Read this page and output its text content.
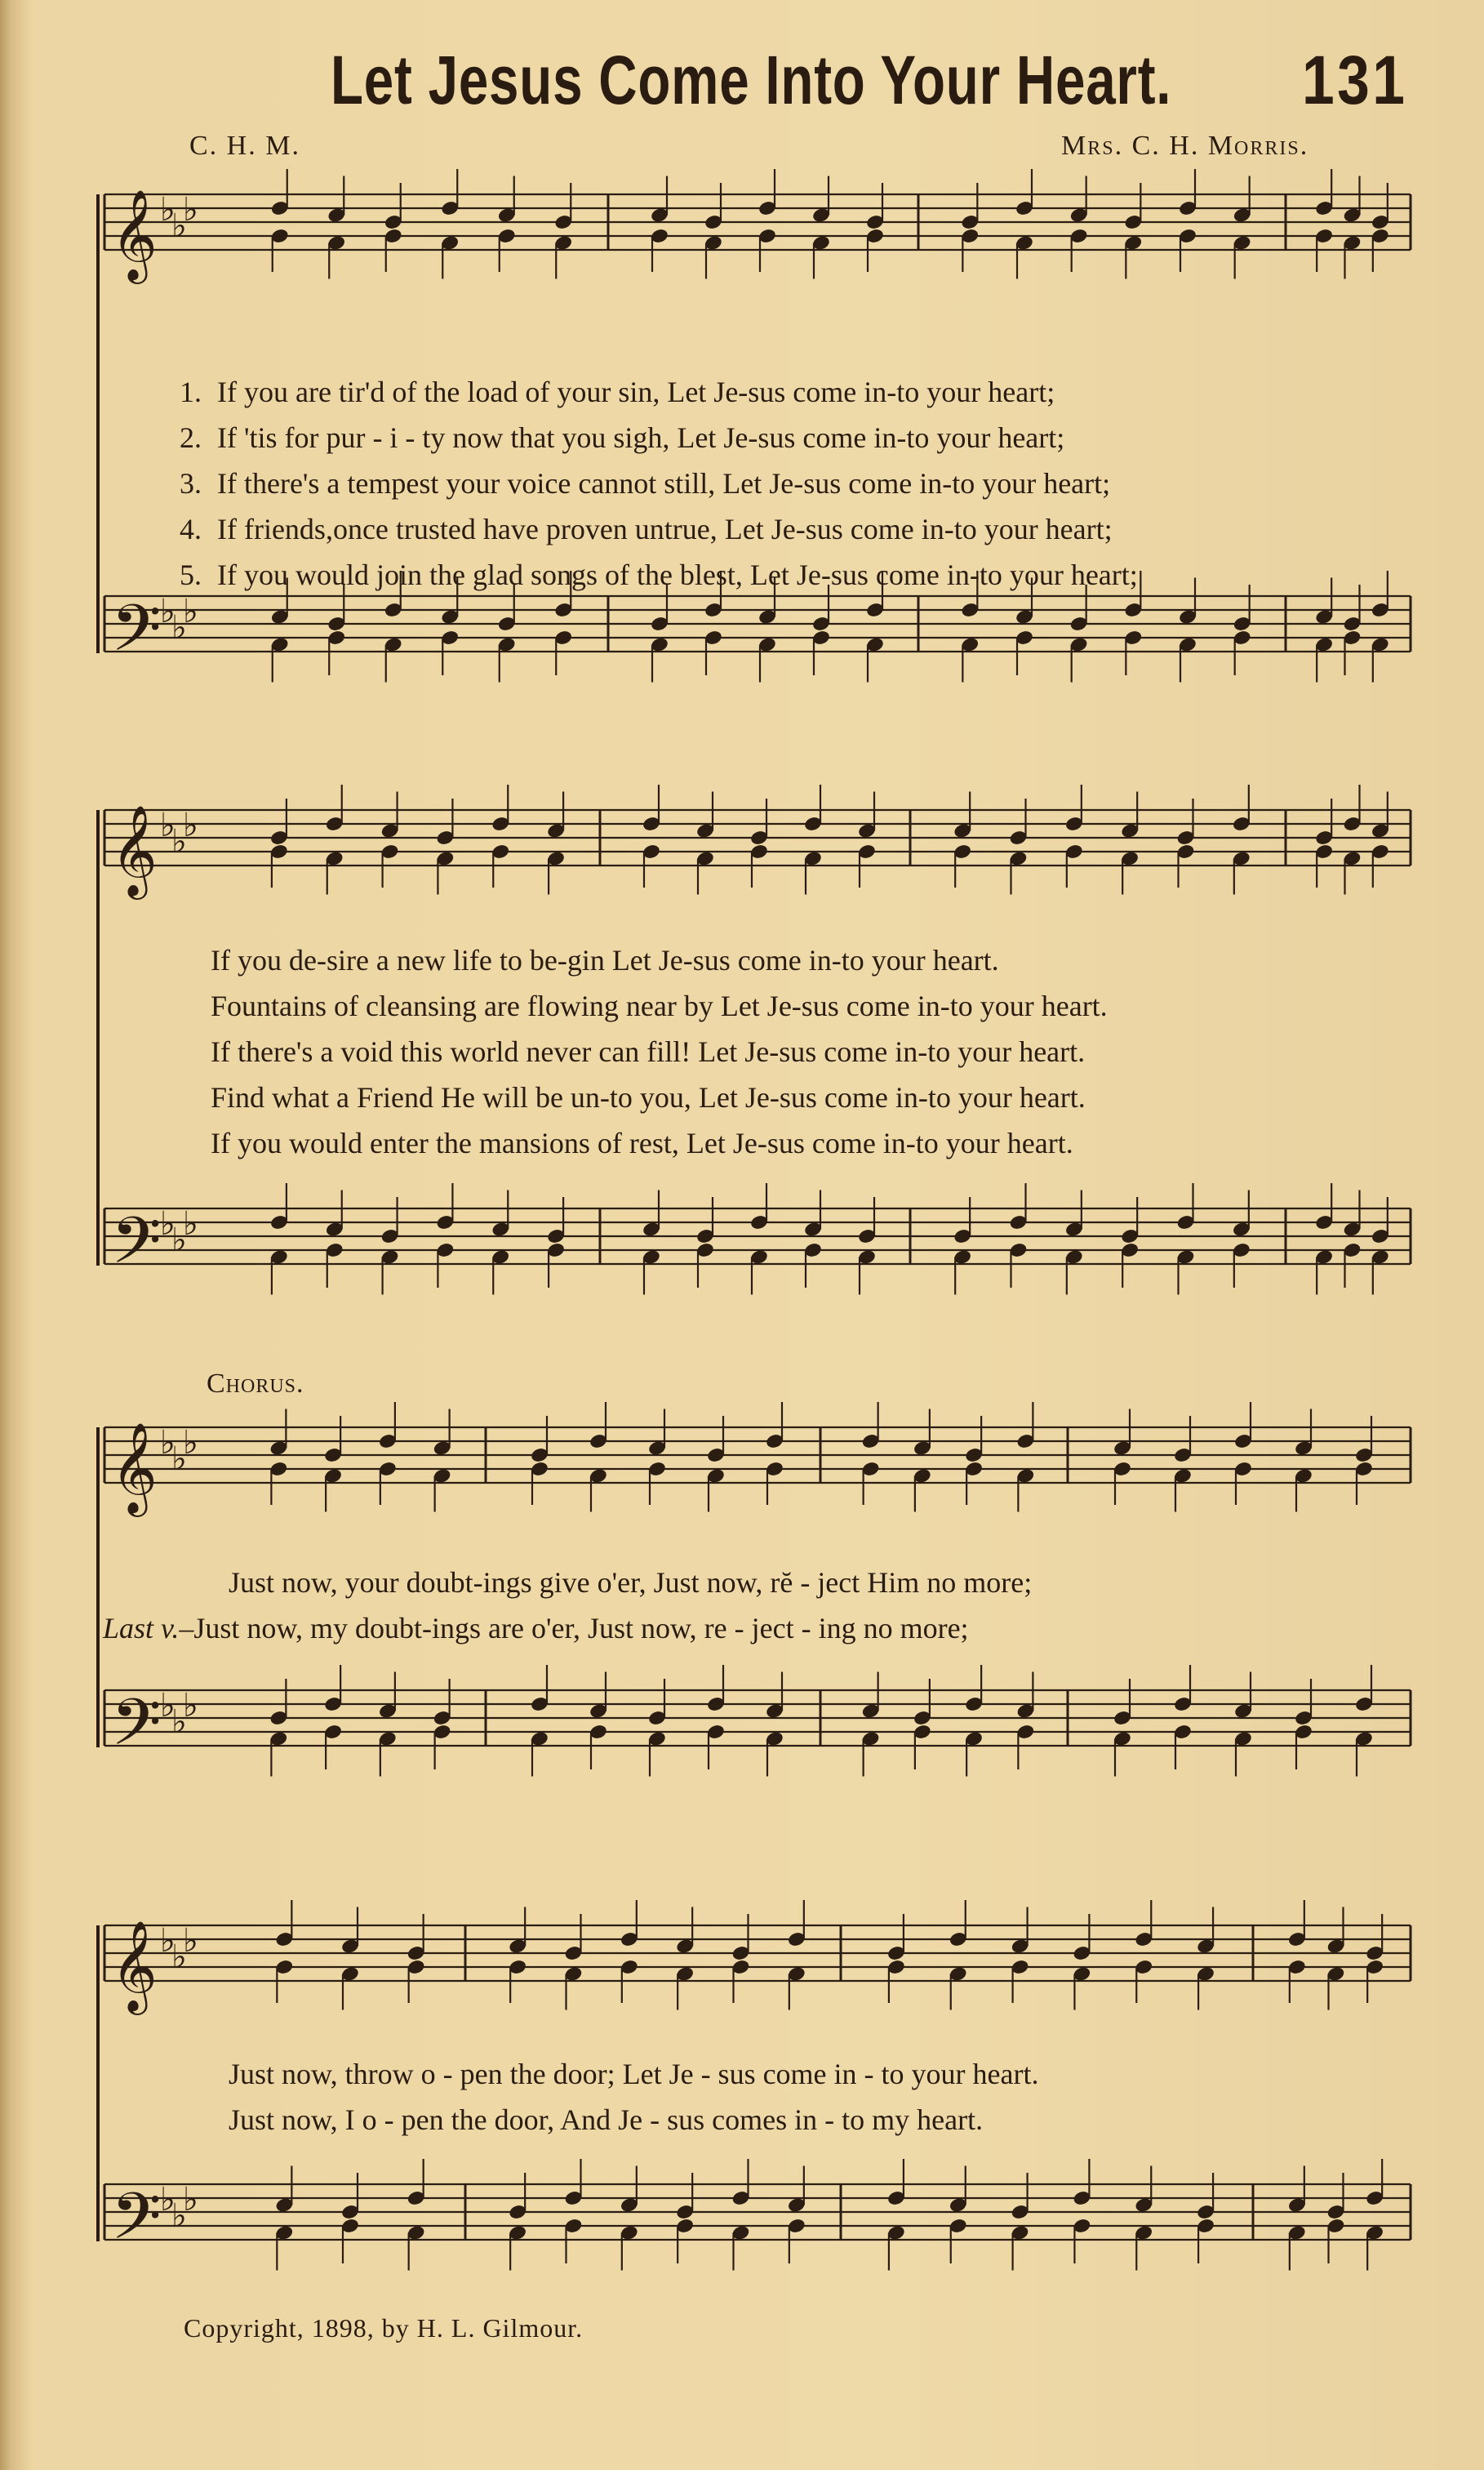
Let Jesus Come Into Your Heart. 131
C. H. M.	Mrs. C. H. Morris.
𝄞 ♭
♭
♭
𝄢
♭
♭
♭
𝄞 ♭
♭
♭
𝄢
♭
♭
♭
𝄞 ♭
♭
♭
𝄢
♭
♭
♭
𝄞 ♭
♭
♭
𝄢
♭
♭
♭
1. If you are tir'd of the load of your sin, Let Je-sus come in-to your heart;
2. If 'tis for pur - i - ty now that you sigh, Let Je-sus come in-to your heart;
3. If there's a tempest your voice cannot still, Let Je-sus come in-to your heart;
4. If friends,once trusted have proven untrue, Let Je-sus come in-to your heart;
5. If you would join the glad songs of the blest, Let Je-sus come in-to your heart;
If you de-sire a new life to be-gin Let Je-sus come in-to your heart.
Fountains of cleansing are flowing near by Let Je-sus come in-to your heart.
If there's a void this world never can fill! Let Je-sus come in-to your heart.
Find what a Friend He will be un-to you, Let Je-sus come in-to your heart.
If you would enter the mansions of rest, Let Je-sus come in-to your heart.
Chorus.
Just now, your doubt-ings give o'er, Just now, rĕ - ject Him no more;
Last v.–Just now, my doubt-ings are o'er, Just now, re - ject - ing no more;
Just now, throw o - pen the door; Let Je - sus come in - to your heart.
Just now, I o - pen the door, And Je - sus comes in - to my heart.
Copyright, 1898, by H. L. Gilmour.
